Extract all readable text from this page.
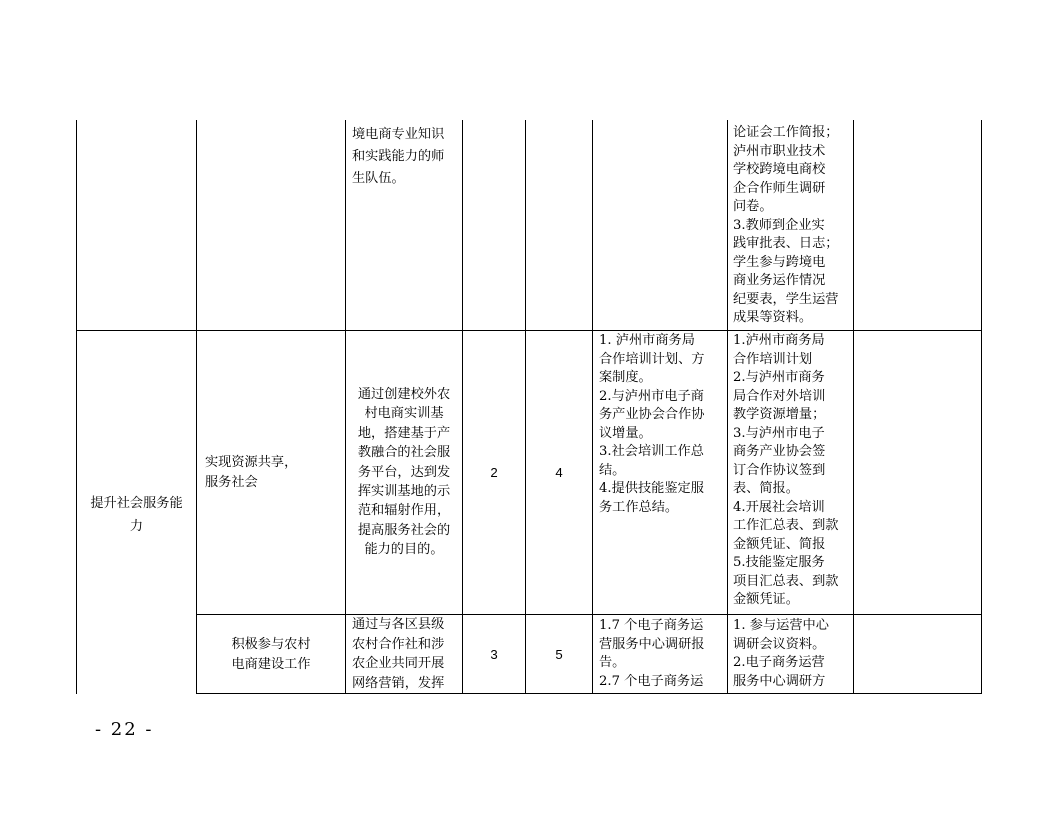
境电商专业知识
和实践能力的师
生队伍。
论证会工作简报；
泸州市职业技术
学校跨境电商校
企合作师生调研
问卷。
3.教师到企业实
践审批表、日志；
学生参与跨境电
商业务运作情况
纪要表，学生运营
成果等资料。
提升社会服务能
力
实现资源共享，
服务社会
通过创建校外农
村电商实训基
地，搭建基于产
教融合的社会服
务平台，达到发
挥实训基地的示
范和辐射作用，
提高服务社会的
能力的目的。
2	4
1. 泸州市商务局
合作培训计划、方
案制度。
2.与泸州市电子商
务产业协会合作协
议增量。
3.社会培训工作总
结。
4.提供技能鉴定服
务工作总结。
1.泸州市商务局
合作培训计划
2.与泸州市商务
局合作对外培训
教学资源增量；
3.与泸州市电子
商务产业协会签
订合作协议签到
表、简报。
4.开展社会培训
工作汇总表、到款
金额凭证、简报
5.技能鉴定服务
项目汇总表、到款
金额凭证。
积极参与农村
电商建设工作
通过与各区县级
农村合作社和涉
农企业共同开展
网络营销，发挥
3	5
1.7 个电子商务运
营服务中心调研报
告。
2.7 个电子商务运
1. 参与运营中心
调研会议资料。
2.电子商务运营
服务中心调研方
- 22 -
